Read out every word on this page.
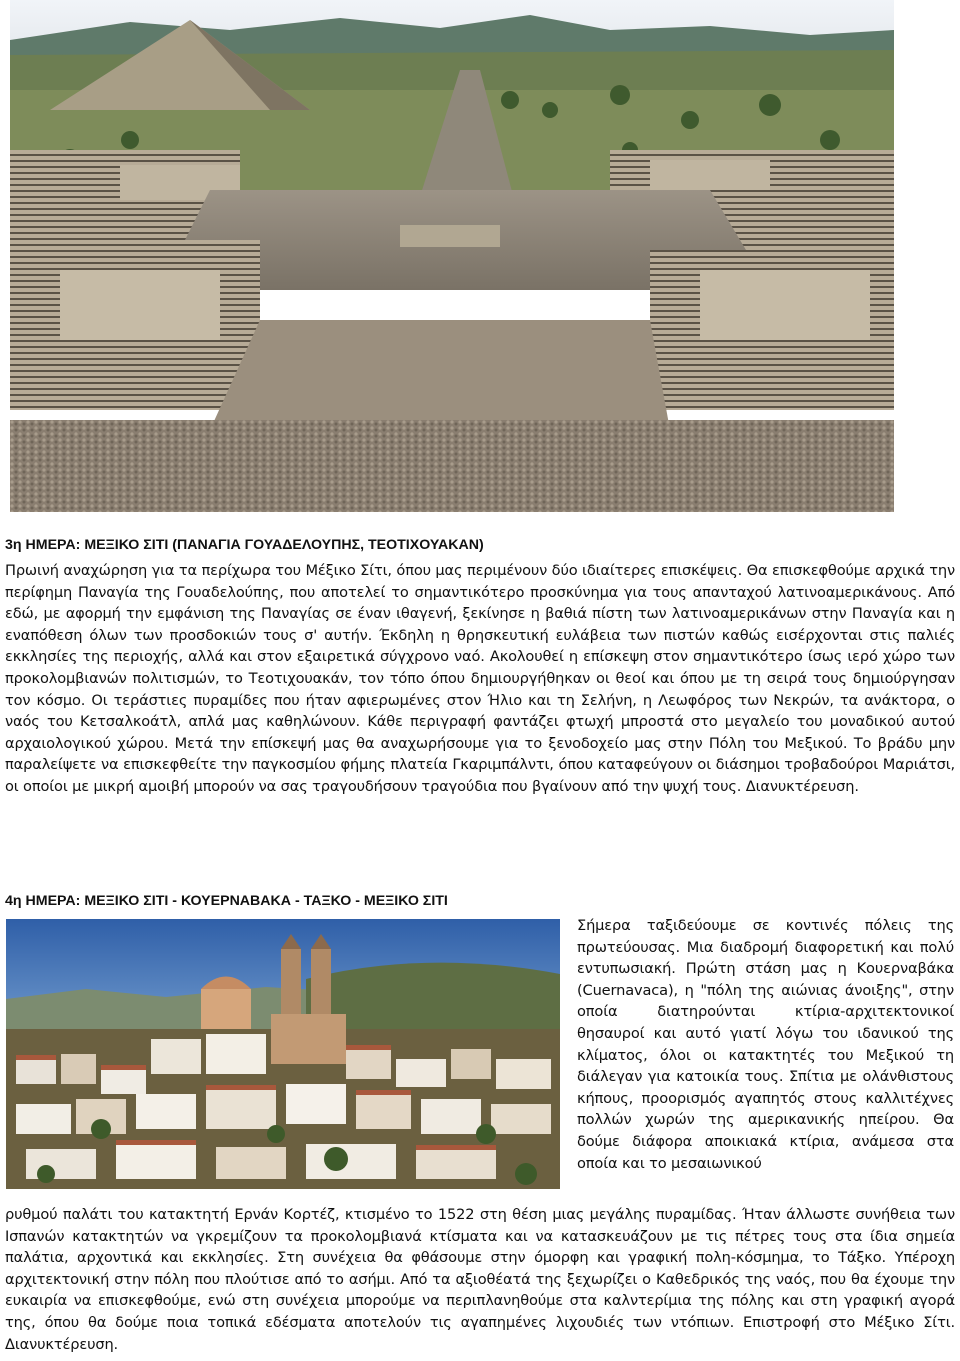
3η ΗΜΕΡΑ: ΜΕΞΙΚΟ ΣΙΤΙ (ΠΑΝΑΓΙΑ ΓΟΥΑΔΕΛΟΥΠΗΣ, ΤΕΟΤΙΧΟΥΑΚΑΝ)
Πρωινή αναχώρηση για τα περίχωρα του Μέξικο Σίτι, όπου μας περιμένουν δύο ιδιαίτερες επισκέψεις. Θα επισκεφθούμε αρχικά την περίφημη Παναγία της Γουαδελούπης, που αποτελεί το σημαντικότερο προσκύνημα για τους απανταχού λατινοαμερικάνους. Από εδώ, με αφορμή την εμφάνιση της Παναγίας σε έναν ιθαγενή, ξεκίνησε η βαθιά πίστη των λατινοαμερικάνων στην Παναγία και η εναπόθεση όλων των προσδοκιών τους σ' αυτήν. Έκδηλη η θρησκευτική ευλάβεια των πιστών καθώς εισέρχονται στις παλιές εκκλησίες της περιοχής, αλλά και στον εξαιρετικά σύγχρονο ναό. Ακολουθεί η επίσκεψη στον σημαντικότερο ίσως ιερό χώρο των προκολομβιανών πολιτισμών, το Τεοτιχουακάν, τον τόπο όπου δημιουργήθηκαν οι θεοί και όπου με τη σειρά τους δημιούργησαν τον κόσμο. Οι τεράστιες πυραμίδες που ήταν αφιερωμένες στον Ήλιο και τη Σελήνη, η Λεωφόρος των Νεκρών, τα ανάκτορα, ο ναός του Κετσαλκοάτλ, απλά μας καθηλώνουν. Κάθε περιγραφή φαντάζει φτωχή μπροστά στο μεγαλείο του μοναδικού αυτού αρχαιολογικού χώρου. Μετά την επίσκεψή μας θα αναχωρήσουμε για το ξενοδοχείο μας στην Πόλη του Μεξικού. Το βράδυ μην παραλείψετε να επισκεφθείτε την παγκοσμίου φήμης πλατεία Γκαριμπάλντι, όπου καταφεύγουν οι διάσημοι τροβαδούροι Μαριάτσι, οι οποίοι με μικρή αμοιβή μπορούν να σας τραγουδήσουν τραγούδια που βγαίνουν από την ψυχή τους. Διανυκτέρευση.
4η ΗΜΕΡΑ: ΜΕΞΙΚΟ ΣΙΤΙ - ΚΟΥΕΡΝΑΒΑΚΑ - ΤΑΞΚΟ - ΜΕΞΙΚΟ ΣΙΤΙ
Σήμερα ταξιδεύουμε σε κοντινές πόλεις της πρωτεύουσας. Μια διαδρομή διαφορετική και πολύ εντυπωσιακή. Πρώτη στάση μας η Κουερναβάκα (Cuernavaca), η "πόλη της αιώνιας άνοιξης", στην οποία διατηρούνται κτίρια-αρχιτεκτονικοί θησαυροί και αυτό γιατί λόγω του ιδανικού της κλίματος, όλοι οι κατακτητές του Μεξικού τη διάλεγαν για κατοικία τους. Σπίτια με ολάνθιστους κήπους, προορισμός αγαπητός στους καλλιτέχνες πολλών χωρών της αμερικανικής ηπείρου. Θα δούμε διάφορα αποικιακά κτίρια, ανάμεσα στα οποία και το μεσαιωνικού
ρυθμού παλάτι του κατακτητή Ερνάν Κορτέζ, κτισμένο το 1522 στη θέση μιας μεγάλης πυραμίδας. Ήταν άλλωστε συνήθεια των Ισπανών κατακτητών να γκρεμίζουν τα προκολομβιανά κτίσματα και να κατασκευάζουν με τις πέτρες τους στα ίδια σημεία παλάτια, αρχοντικά και εκκλησίες. Στη συνέχεια θα φθάσουμε στην όμορφη και γραφική πολη-κόσμημα, το Τάξκο. Υπέροχη αρχιτεκτονική στην πόλη που πλούτισε από το ασήμι. Από τα αξιοθέατά της ξεχωρίζει ο Καθεδρικός της ναός, που θα έχουμε την ευκαιρία να επισκεφθούμε, ενώ στη συνέχεια μπορούμε να περιπλανηθούμε στα καλντερίμια της πόλης και στη γραφική αγορά της, όπου θα δούμε ποια τοπικά εδέσματα αποτελούν τις αγαπημένες λιχουδιές των ντόπιων. Επιστροφή στο Μέξικο Σίτι. Διανυκτέρευση.
